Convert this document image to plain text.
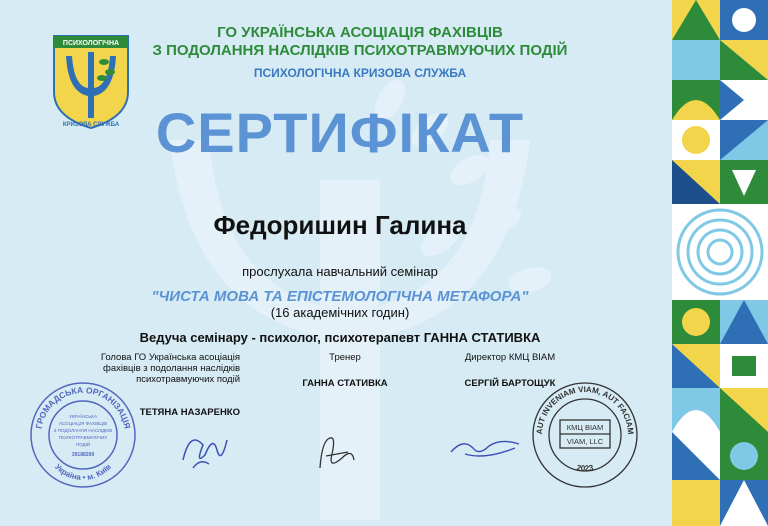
ПСИХОЛОГІЧНА
КРИЗОВА СЛУЖБА
ГО УКРАЇНСЬКА АСОЦІАЦІЯ ФАХІВЦІВ
З ПОДОЛАННЯ НАСЛІДКІВ ПСИХОТРАВМУЮЧИХ ПОДІЙ
ПСИХОЛОГІЧНА КРИЗОВА СЛУЖБА
СЕРТИФІКАТ
Федоришин Галина
прослухала навчальний семінар
"ЧИСТА МОВА ТА ЕПІСТЕМОЛОГІЧНА МЕТАФОРА"
(16 академічних годин)
Ведуча семінару - психолог, психотерапевт ГАННА СТАТИВКА
Голова ГО Українська асоціація
фахівців з подолання наслідків
психотравмуючих подій
ТЕТЯНА НАЗАРЕНКО
Тренер
ГАННА СТАТИВКА
Директор КМЦ ВІАМ
СЕРГІЙ БАРТОЩУК
ГРОМАДСЬКА ОРГАНІЗАЦІЯ
Україна • м. Київ
УКРАЇНСЬКА
АСОЦІАЦІЯ ФАХІВЦІВ
З ПОДОЛАННЯ НАСЛІДКІВ
ПСИХОТРАВМУЮЧИХ
ПОДІЙ
39188299
AUT INVENIAM VIAM, AUT FACIAM
2023
КМЦ ВІАМ
VIAM, LLC
